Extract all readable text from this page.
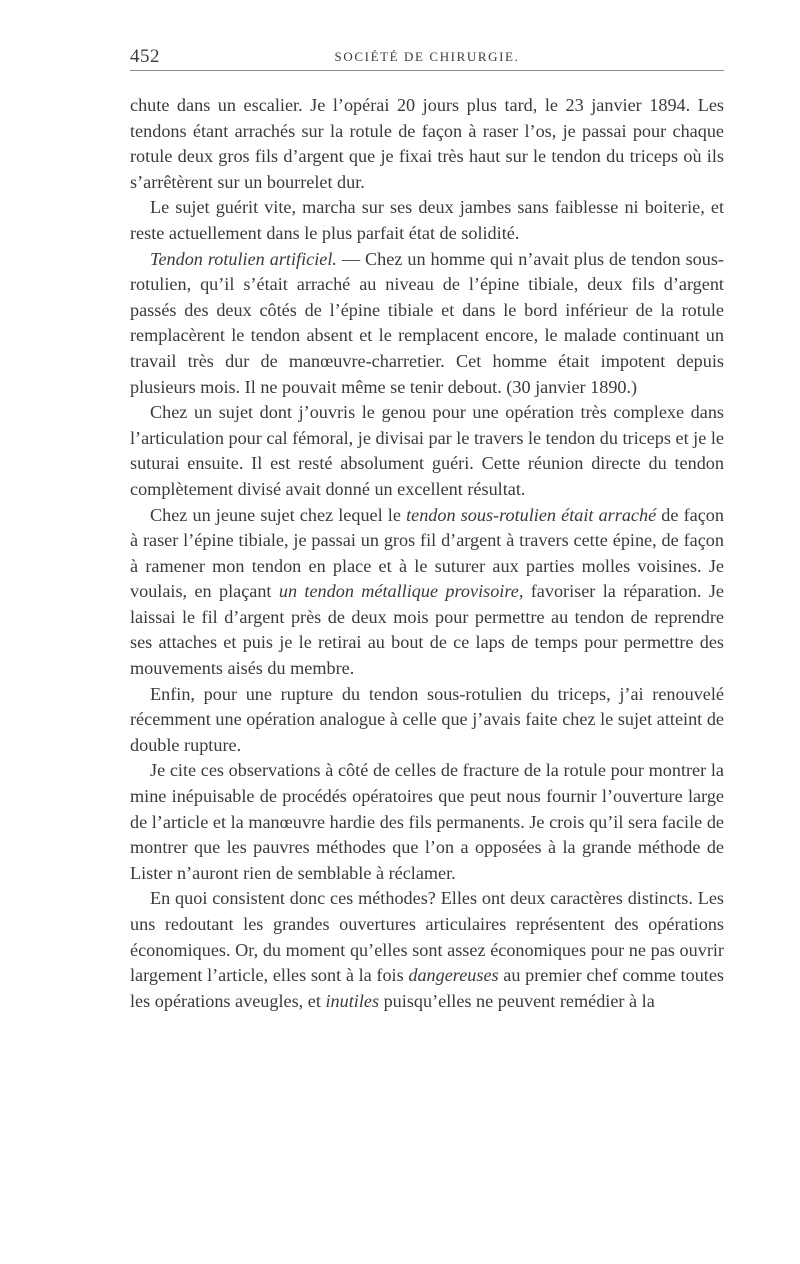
452	SOCIÉTÉ DE CHIRURGIE.

chute dans un escalier. Je l’opérai 20 jours plus tard, le 23 janvier 1894. Les tendons étant arrachés sur la rotule de façon à raser l’os, je passai pour chaque rotule deux gros fils d’argent que je fixai très haut sur le tendon du triceps où ils s’arrêtèrent sur un bourrelet dur.

Le sujet guérit vite, marcha sur ses deux jambes sans faiblesse ni boiterie, et reste actuellement dans le plus parfait état de solidité.

Tendon rotulien artificiel. — Chez un homme qui n’avait plus de tendon sous-rotulien, qu’il s’était arraché au niveau de l’épine tibiale, deux fils d’argent passés des deux côtés de l’épine tibiale et dans le bord inférieur de la rotule remplacèrent le tendon absent et le remplacent encore, le malade continuant un travail très dur de manœuvre-charretier. Cet homme était impotent depuis plusieurs mois. Il ne pouvait même se tenir debout. (30 janvier 1890.)

Chez un sujet dont j’ouvris le genou pour une opération très complexe dans l’articulation pour cal fémoral, je divisai par le travers le tendon du triceps et je le suturai ensuite. Il est resté absolument guéri. Cette réunion directe du tendon complètement divisé avait donné un excellent résultat.

Chez un jeune sujet chez lequel le tendon sous-rotulien était arraché de façon à raser l’épine tibiale, je passai un gros fil d’argent à travers cette épine, de façon à ramener mon tendon en place et à le suturer aux parties molles voisines. Je voulais, en plaçant un tendon métallique provisoire, favoriser la réparation. Je laissai le fil d’argent près de deux mois pour permettre au tendon de reprendre ses attaches et puis je le retirai au bout de ce laps de temps pour permettre des mouvements aisés du membre.

Enfin, pour une rupture du tendon sous-rotulien du triceps, j’ai renouvelé récemment une opération analogue à celle que j’avais faite chez le sujet atteint de double rupture.

Je cite ces observations à côté de celles de fracture de la rotule pour montrer la mine inépuisable de procédés opératoires que peut nous fournir l’ouverture large de l’article et la manœuvre hardie des fils permanents. Je crois qu’il sera facile de montrer que les pauvres méthodes que l’on a opposées à la grande méthode de Lister n’auront rien de semblable à réclamer.

En quoi consistent donc ces méthodes? Elles ont deux caractères distincts. Les uns redoutant les grandes ouvertures articulaires représentent des opérations économiques. Or, du moment qu’elles sont assez économiques pour ne pas ouvrir largement l’article, elles sont à la fois dangereuses au premier chef comme toutes les opérations aveugles, et inutiles puisqu’elles ne peuvent remédier à la
